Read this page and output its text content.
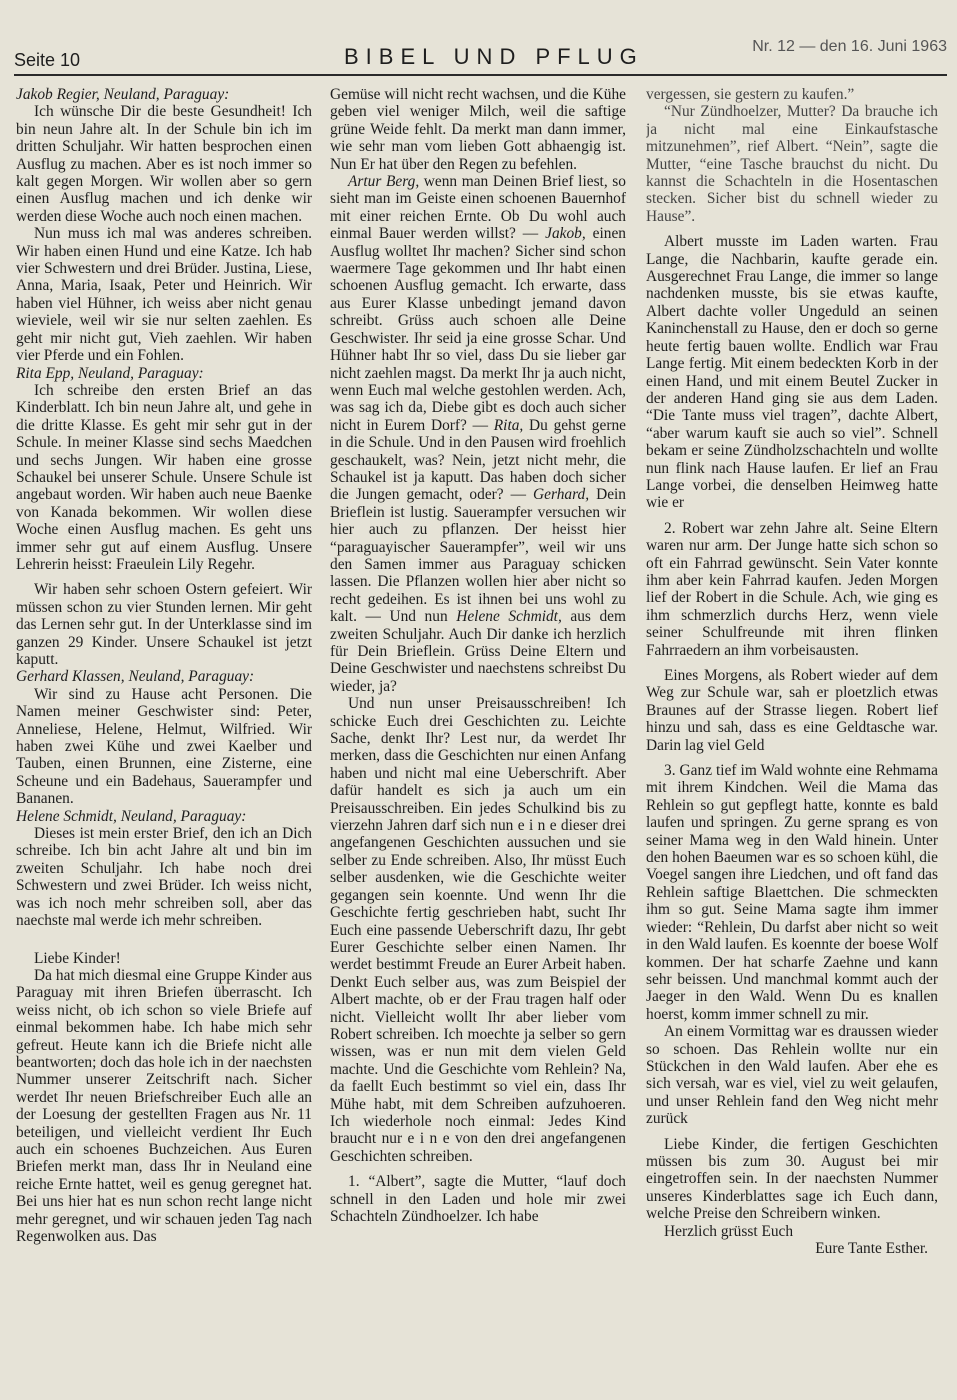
Seite 10	BIBEL UND PFLUG	Nr. 12 — den 16. Juni 1963

Jakob Regier, Neuland, Paraguay:

Ich wünsche Dir die beste Gesundheit! Ich bin neun Jahre alt. In der Schule bin ich im dritten Schuljahr. Wir hatten besprochen einen Ausflug zu machen. Aber es ist noch immer so kalt gegen Morgen. Wir wollen aber so gern einen Ausflug machen und ich denke wir werden diese Woche auch noch einen machen.

Nun muss ich mal was anderes schreiben. Wir haben einen Hund und eine Katze. Ich hab vier Schwestern und drei Brüder. Justina, Liese, Anna, Maria, Isaak, Peter und Heinrich. Wir haben viel Hühner, ich weiss aber nicht genau wieviele, weil wir sie nur selten zaehlen. Es geht mir nicht gut, Vieh zaehlen. Wir haben vier Pferde und ein Fohlen.

Rita Epp, Neuland, Paraguay:

Ich schreibe den ersten Brief an das Kinderblatt. Ich bin neun Jahre alt, und gehe in die dritte Klasse. Es geht mir sehr gut in der Schule. In meiner Klasse sind sechs Maedchen und sechs Jungen. Wir haben eine grosse Schaukel bei unserer Schule. Unsere Schule ist angebaut worden. Wir haben auch neue Baenke von Kanada bekommen. Wir wollen diese Woche einen Ausflug machen. Es geht uns immer sehr gut auf einem Ausflug. Unsere Lehrerin heisst: Fraeulein Lily Regehr.

Wir haben sehr schoen Ostern gefeiert. Wir müssen schon zu vier Stunden lernen. Mir geht das Lernen sehr gut. In der Unterklasse sind im ganzen 29 Kinder. Unsere Schaukel ist jetzt kaputt.

Gerhard Klassen, Neuland, Paraguay:

Wir sind zu Hause acht Personen. Die Namen meiner Geschwister sind: Peter, Anneliese, Helene, Helmut, Wilfried. Wir haben zwei Kühe und zwei Kaelber und Tauben, einen Brunnen, eine Zisterne, eine Scheune und ein Badehaus, Sauerampfer und Bananen.

Helene Schmidt, Neuland, Paraguay:

Dieses ist mein erster Brief, den ich an Dich schreibe. Ich bin acht Jahre alt und bin im zweiten Schuljahr. Ich habe noch drei Schwestern und zwei Brüder. Ich weiss nicht, was ich noch mehr schreiben soll, aber das naechste mal werde ich mehr schreiben.

Liebe Kinder!

Da hat mich diesmal eine Gruppe Kinder aus Paraguay mit ihren Briefen überrascht. Ich weiss nicht, ob ich schon so viele Briefe auf einmal bekommen habe. Ich habe mich sehr gefreut. Heute kann ich die Briefe nicht alle beantworten; doch das hole ich in der naechsten Nummer unserer Zeitschrift nach. Sicher werdet Ihr neuen Briefschreiber Euch alle an der Loesung der gestellten Fragen aus Nr. 11 beteiligen, und vielleicht verdient Ihr Euch auch ein schoenes Buchzeichen. Aus Euren Briefen merkt man, dass Ihr in Neuland eine reiche Ernte hattet, weil es genug geregnet hat. Bei uns hier hat es nun schon recht lange nicht mehr geregnet, und wir schauen jeden Tag nach Regenwolken aus. Das

Gemüse will nicht recht wachsen, und die Kühe geben viel weniger Milch, weil die saftige grüne Weide fehlt. Da merkt man dann immer, wie sehr man vom lieben Gott abhaengig ist. Nun Er hat über den Regen zu befehlen.

Artur Berg, wenn man Deinen Brief liest, so sieht man im Geiste einen schoenen Bauernhof mit einer reichen Ernte. Ob Du wohl auch einmal Bauer werden willst? — Jakob, einen Ausflug wolltet Ihr machen? Sicher sind schon waermere Tage gekommen und Ihr habt einen schoenen Ausflug gemacht. Ich erwarte, dass aus Eurer Klasse unbedingt jemand davon schreibt. Grüss auch schoen alle Deine Geschwister. Ihr seid ja eine grosse Schar. Und Hühner habt Ihr so viel, dass Du sie lieber gar nicht zaehlen magst. Da merkt Ihr ja auch nicht, wenn Euch mal welche gestohlen werden. Ach, was sag ich da, Diebe gibt es doch auch sicher nicht in Eurem Dorf? — Rita, Du gehst gerne in die Schule. Und in den Pausen wird froehlich geschaukelt, was? Nein, jetzt nicht mehr, die Schaukel ist ja kaputt. Das haben doch sicher die Jungen gemacht, oder? — Gerhard, Dein Brieflein ist lustig. Sauerampfer versuchen wir hier auch zu pflanzen. Der heisst hier “paraguayischer Sauerampfer”, weil wir uns den Samen immer aus Paraguay schicken lassen. Die Pflanzen wollen hier aber nicht so recht gedeihen. Es ist ihnen bei uns wohl zu kalt. — Und nun Helene Schmidt, aus dem zweiten Schuljahr. Auch Dir danke ich herzlich für Dein Brieflein. Grüss Deine Eltern und Deine Geschwister und naechstens schreibst Du wieder, ja?

Und nun unser Preisausschreiben! Ich schicke Euch drei Geschichten zu. Leichte Sache, denkt Ihr? Lest nur, da werdet Ihr merken, dass die Geschichten nur einen Anfang haben und nicht mal eine Ueberschrift. Aber dafür handelt es sich ja auch um ein Preisausschreiben. Ein jedes Schulkind bis zu vierzehn Jahren darf sich nun e i n e dieser drei angefangenen Geschichten aussuchen und sie selber zu Ende schreiben. Also, Ihr müsst Euch selber ausdenken, wie die Geschichte weiter gegangen sein koennte. Und wenn Ihr die Geschichte fertig geschrieben habt, sucht Ihr Euch eine passende Ueberschrift dazu, Ihr gebt Eurer Geschichte selber einen Namen. Ihr werdet bestimmt Freude an Eurer Arbeit haben. Denkt Euch selber aus, was zum Beispiel der Albert machte, ob er der Frau tragen half oder nicht. Vielleicht wollt Ihr aber lieber vom Robert schreiben. Ich moechte ja selber so gern wissen, was er nun mit dem vielen Geld machte. Und die Geschichte vom Rehlein? Na, da faellt Euch bestimmt so viel ein, dass Ihr Mühe habt, mit dem Schreiben aufzuhoeren. Ich wiederhole noch einmal: Jedes Kind braucht nur e i n e von den drei angefangenen Geschichten schreiben.

1. “Albert”, sagte die Mutter, “lauf doch schnell in den Laden und hole mir zwei Schachteln Zündhoelzer. Ich habe

vergessen, sie gestern zu kaufen.”

“Nur Zündhoelzer, Mutter? Da brauche ich ja nicht mal eine Einkaufstasche mitzunehmen”, rief Albert. “Nein”, sagte die Mutter, “eine Tasche brauchst du nicht. Du kannst die Schachteln in die Hosentaschen stecken. Sicher bist du schnell wieder zu Hause”.

Albert musste im Laden warten. Frau Lange, die Nachbarin, kaufte gerade ein. Ausgerechnet Frau Lange, die immer so lange nachdenken musste, bis sie etwas kaufte, Albert dachte voller Ungeduld an seinen Kaninchenstall zu Hause, den er doch so gerne heute fertig bauen wollte. Endlich war Frau Lange fertig. Mit einem bedeckten Korb in der einen Hand, und mit einem Beutel Zucker in der anderen Hand ging sie aus dem Laden. “Die Tante muss viel tragen”, dachte Albert, “aber warum kauft sie auch so viel”. Schnell bekam er seine Zündholzschachteln und wollte nun flink nach Hause laufen. Er lief an Frau Lange vorbei, die denselben Heimweg hatte wie er

2. Robert war zehn Jahre alt. Seine Eltern waren nur arm. Der Junge hatte sich schon so oft ein Fahrrad gewünscht. Sein Vater konnte ihm aber kein Fahrrad kaufen. Jeden Morgen lief der Robert in die Schule. Ach, wie ging es ihm schmerzlich durchs Herz, wenn viele seiner Schulfreunde mit ihren flinken Fahrraedern an ihm vorbeisausten.

Eines Morgens, als Robert wieder auf dem Weg zur Schule war, sah er ploetzlich etwas Braunes auf der Strasse liegen. Robert lief hinzu und sah, dass es eine Geldtasche war. Darin lag viel Geld

3. Ganz tief im Wald wohnte eine Rehmama mit ihrem Kindchen. Weil die Mama das Rehlein so gut gepflegt hatte, konnte es bald laufen und springen. Zu gerne sprang es von seiner Mama weg in den Wald hinein. Unter den hohen Baeumen war es so schoen kühl, die Voegel sangen ihre Liedchen, und oft fand das Rehlein saftige Blaettchen. Die schmeckten ihm so gut. Seine Mama sagte ihm immer wieder: “Rehlein, Du darfst aber nicht so weit in den Wald laufen. Es koennte der boese Wolf kommen. Der hat scharfe Zaehne und kann sehr beissen. Und manchmal kommt auch der Jaeger in den Wald. Wenn Du es knallen hoerst, komm immer schnell zu mir.

An einem Vormittag war es draussen wieder so schoen. Das Rehlein wollte nur ein Stückchen in den Wald laufen. Aber ehe es sich versah, war es viel, viel zu weit gelaufen, und unser Rehlein fand den Weg nicht mehr zurück

Liebe Kinder, die fertigen Geschichten müssen bis zum 30. August bei mir eingetroffen sein. In der naechsten Nummer unseres Kinderblattes sage ich Euch dann, welche Preise den Schreibern winken.

Herzlich grüsst Euch

Eure Tante Esther.
